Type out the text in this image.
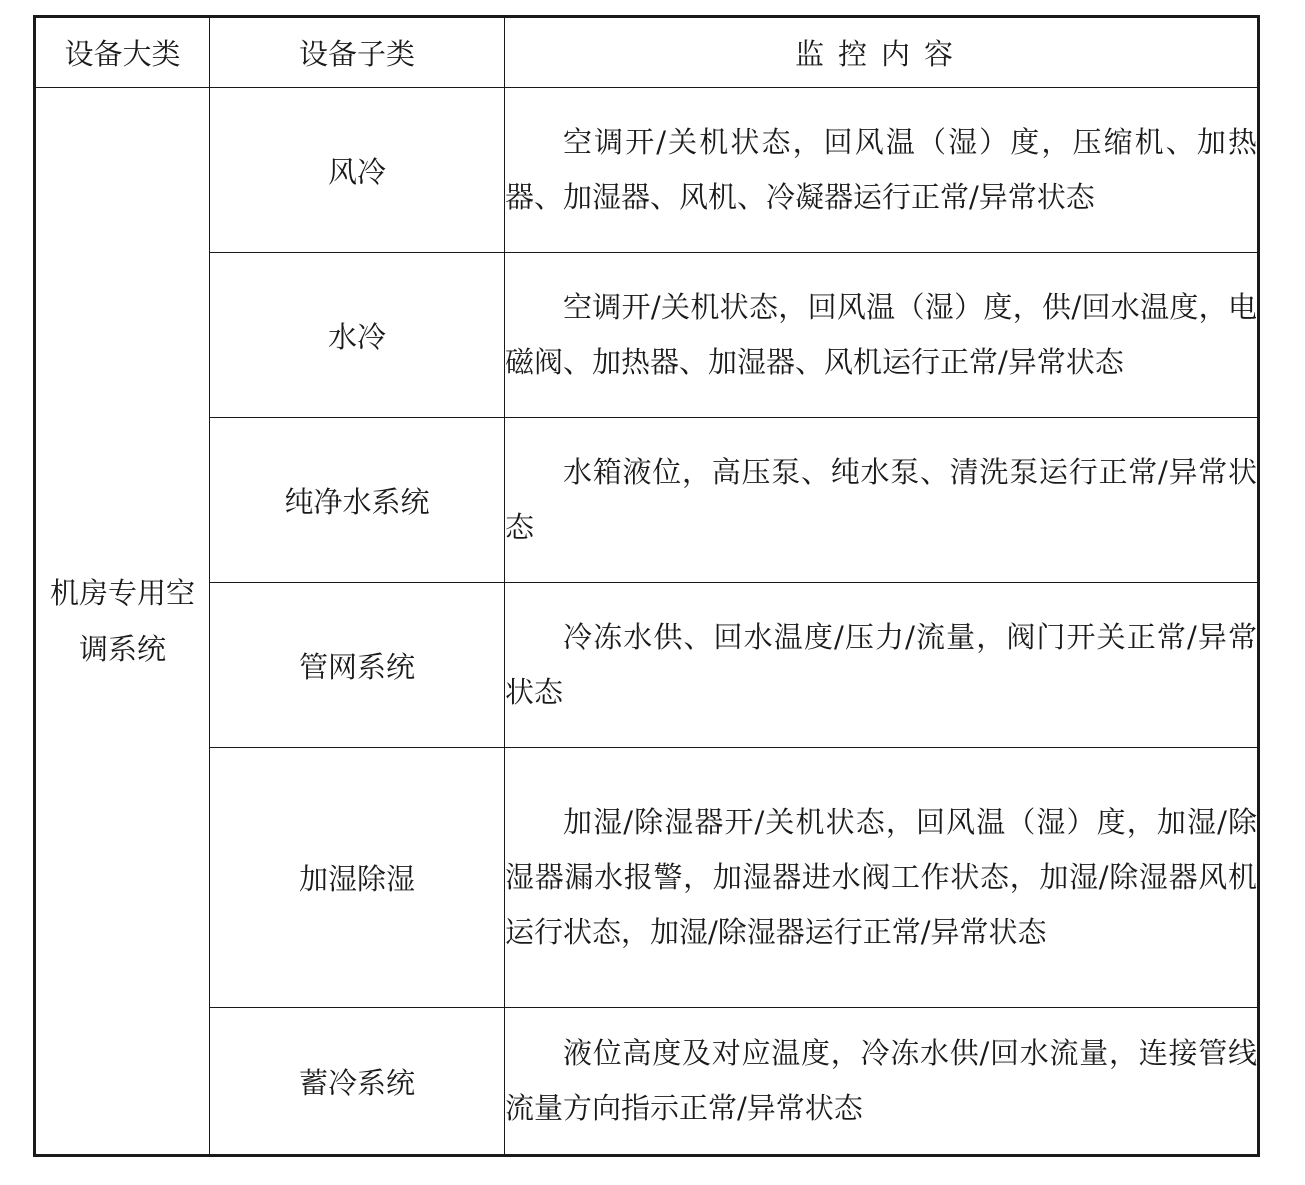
设备大类	设备子类	监控内容
机房专用空调系统	风冷	空调开/关机状态，回风温（湿）度，压缩机、加热器、加湿器、风机、冷凝器运行正常/异常状态

	水冷	空调开/关机状态，回风温（湿）度，供/回水温度，电磁阀、加热器、加湿器、风机运行正常/异常状态

	纯净水系统	水箱液位，高压泵、纯水泵、清洗泵运行正常/异常状态

	管网系统	冷冻水供、回水温度/压力/流量，阀门开关正常/异常状态

	加湿除湿	加湿/除湿器开/关机状态，回风温（湿）度，加湿/除湿器漏水报警，加湿器进水阀工作状态，加湿/除湿器风机运行状态，加湿/除湿器运行正常/异常状态

	蓄冷系统	液位高度及对应温度，冷冻水供/回水流量，连接管线流量方向指示正常/异常状态
